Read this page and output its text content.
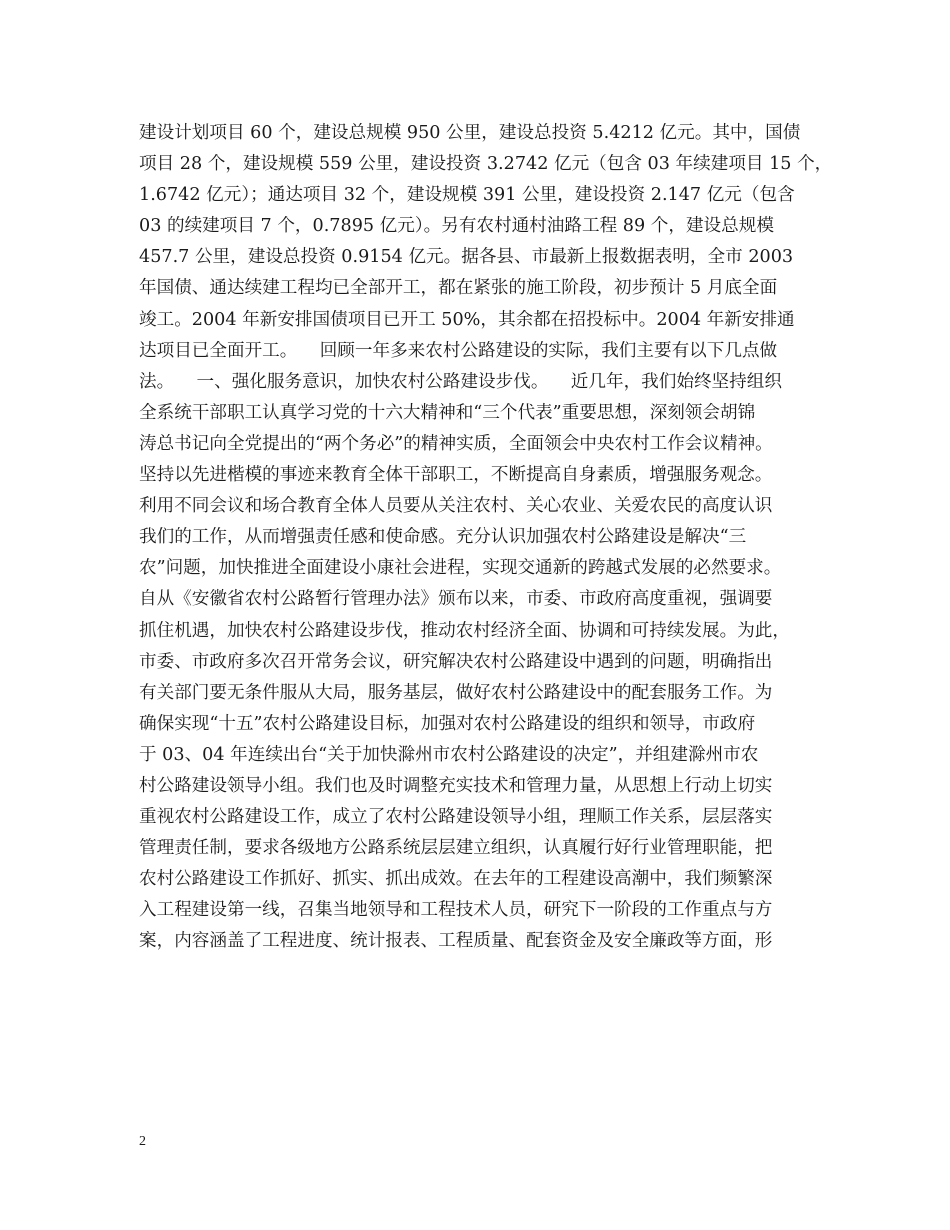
建设计划项目 60 个，建设总规模 950 公里，建设总投资 5.4212 亿元。其中，国债
项目 28 个，建设规模 559 公里，建设投资 3.2742 亿元（包含 03 年续建项目 15 个，
1.6742 亿元）；通达项目 32 个，建设规模 391 公里，建设投资 2.147 亿元（包含
03 的续建项目 7 个，0.7895 亿元）。另有农村通村油路工程 89 个，建设总规模
457.7 公里，建设总投资 0.9154 亿元。据各县、市最新上报数据表明，全市 2003
年国债、通达续建工程均已全部开工，都在紧张的施工阶段，初步预计 5 月底全面
竣工。2004 年新安排国债项目已开工 50%，其余都在招投标中。2004 年新安排通
达项目已全面开工。    回顾一年多来农村公路建设的实际，我们主要有以下几点做
法。    一、强化服务意识，加快农村公路建设步伐。    近几年，我们始终坚持组织
全系统干部职工认真学习党的十六大精神和“三个代表”重要思想，深刻领会胡锦
涛总书记向全党提出的“两个务必”的精神实质，全面领会中央农村工作会议精神。
坚持以先进楷模的事迹来教育全体干部职工，不断提高自身素质，增强服务观念。
利用不同会议和场合教育全体人员要从关注农村、关心农业、关爱农民的高度认识
我们的工作，从而增强责任感和使命感。充分认识加强农村公路建设是解决“三
农”问题，加快推进全面建设小康社会进程，实现交通新的跨越式发展的必然要求。
自从《安徽省农村公路暂行管理办法》颁布以来，市委、市政府高度重视，强调要
抓住机遇，加快农村公路建设步伐，推动农村经济全面、协调和可持续发展。为此，
市委、市政府多次召开常务会议，研究解决农村公路建设中遇到的问题，明确指出
有关部门要无条件服从大局，服务基层，做好农村公路建设中的配套服务工作。为
确保实现“十五”农村公路建设目标，加强对农村公路建设的组织和领导，市政府
于 03、04 年连续出台“关于加快滁州市农村公路建设的决定”，并组建滁州市农
村公路建设领导小组。我们也及时调整充实技术和管理力量，从思想上行动上切实
重视农村公路建设工作，成立了农村公路建设领导小组，理顺工作关系，层层落实
管理责任制，要求各级地方公路系统层层建立组织，认真履行好行业管理职能，把
农村公路建设工作抓好、抓实、抓出成效。在去年的工程建设高潮中，我们频繁深
入工程建设第一线，召集当地领导和工程技术人员，研究下一阶段的工作重点与方
案，内容涵盖了工程进度、统计报表、工程质量、配套资金及安全廉政等方面，形
2
